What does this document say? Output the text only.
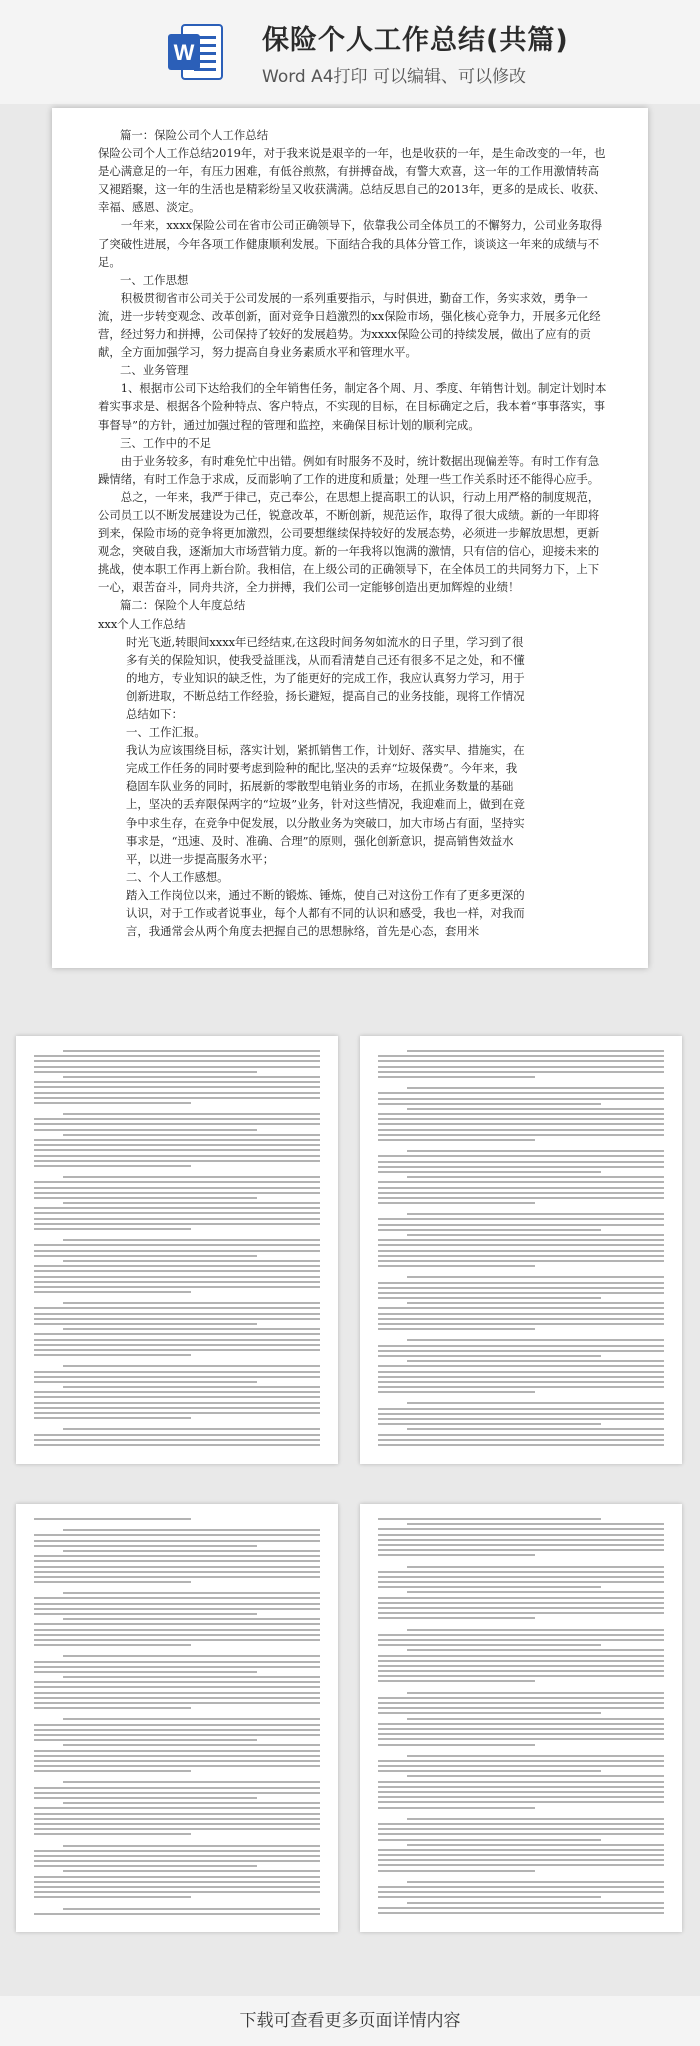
W	保险个人工作总结(共篇)
Word A4打印 可以编辑、可以修改

篇一：保险公司个人工作总结

保险公司个人工作总结2019年，对于我来说是艰辛的一年，也是收获的一年，是生命改变的一年，也是心满意足的一年，有压力困难，有低谷煎熬，有拼搏奋战，有警大欢喜，这一年的工作用激情转高又褪蹈聚，这一年的生活也是精彩纷呈又收获满满。总结反思自己的2013年，更多的是成长、收获、幸福、感恩、淡定。

一年来，xxxx保险公司在省市公司正确领导下，依靠我公司全体员工的不懈努力，公司业务取得了突破性进展，今年各项工作健康顺利发展。下面结合我的具体分管工作，谈谈这一年来的成绩与不足。

一、工作思想

积极贯彻省市公司关于公司发展的一系列重要指示，与时俱进，勤奋工作，务实求效，勇争一流，进一步转变观念、改革创新，面对竞争日趋激烈的xx保险市场，强化核心竞争力，开展多元化经营，经过努力和拼搏，公司保持了较好的发展趋势。为xxxx保险公司的持续发展，做出了应有的贡献，全方面加强学习，努力提高自身业务素质水平和管理水平。

二、业务管理

1、根据市公司下达给我们的全年销售任务，制定各个周、月、季度、年销售计划。制定计划时本着实事求是、根据各个险种特点、客户特点，不实现的目标，在目标确定之后，我本着“事事落实，事事督导”的方针，通过加强过程的管理和监控，来确保目标计划的顺利完成。

三、工作中的不足

由于业务较多，有时难免忙中出错。例如有时服务不及时，统计数据出现偏差等。有时工作有急躁情绪，有时工作急于求成，反而影响了工作的进度和质量；处理一些工作关系时还不能得心应手。

总之，一年来，我严于律己，克己奉公，在思想上提高职工的认识，行动上用严格的制度规范，公司员工以不断发展建设为己任，锐意改革，不断创新，规范运作，取得了很大成绩。新的一年即将到来，保险市场的竞争将更加激烈，公司要想继续保持较好的发展态势，必须进一步解放思想，更新观念，突破自我，逐渐加大市场营销力度。新的一年我将以饱满的激情，只有信的信心，迎接未来的挑战，使本职工作再上新台阶。我相信，在上级公司的正确领导下，在全体员工的共同努力下，上下一心，艰苦奋斗，同舟共济，全力拼搏，我们公司一定能够创造出更加辉煌的业绩！

篇二：保险个人年度总结

xxx个人工作总结

时光飞逝,转眼间xxxx年已经结束,在这段时间务匆如流水的日子里，学习到了很多有关的保险知识，使我受益匪浅，从而看清楚自己还有很多不足之处，和不懂的地方，专业知识的缺乏性，为了能更好的完成工作，我应认真努力学习，用于创新进取，不断总结工作经验，扬长避短，提高自己的业务技能，现将工作情况总结如下：

一、工作汇报。

我认为应该围绕目标，落实计划，紧抓销售工作，计划好、落实早、措施实，在完成工作任务的同时要考虑到险种的配比,坚决的丢弃“垃圾保费”。今年来，我稳固车队业务的同时，拓展新的零散型电销业务的市场，在抓业务数量的基础上，坚决的丢弃限保两字的“垃圾”业务，针对这些情况，我迎难而上，做到在竞争中求生存，在竞争中促发展，以分散业务为突破口，加大市场占有面，坚持实事求是，“迅速、及时、准确、合理”的原则，强化创新意识，提高销售效益水平，以进一步提高服务水平；

二、个人工作感想。

踏入工作岗位以来，通过不断的锻炼、锤炼，使自己对这份工作有了更多更深的认识，对于工作或者说事业，每个人都有不同的认识和感受，我也一样，对我而言，我通常会从两个角度去把握自己的思想脉络，首先是心态，套用米

下载可查看更多页面详情内容
